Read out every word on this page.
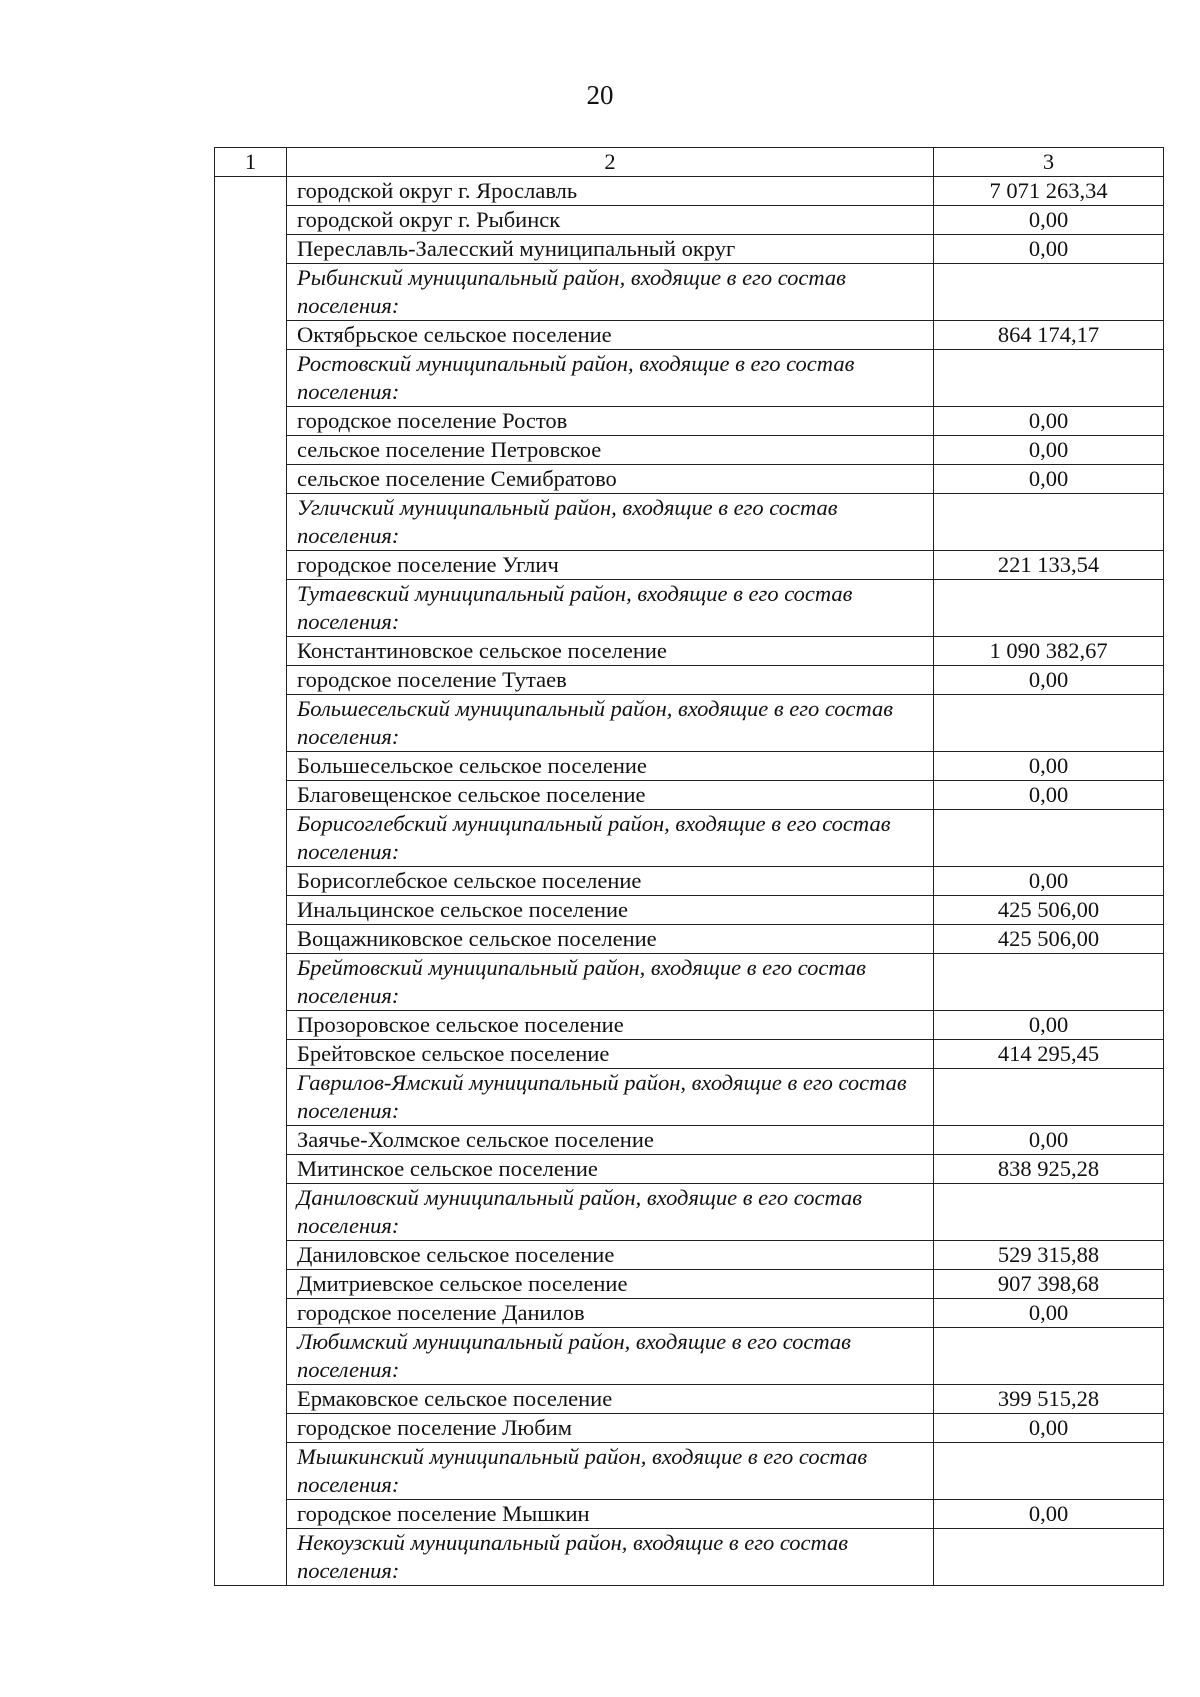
20
1	2	3
	городской округ г. Ярославль	7 071 263,34
	городской округ г. Рыбинск	0,00
	Переславль-Залесский муниципальный округ	0,00
	Рыбинский муниципальный район, входящие в его состав поселения:	
	Октябрьское сельское поселение	864 174,17
	Ростовский муниципальный район, входящие в его состав поселения:	
	городское поселение Ростов	0,00
	сельское поселение Петровское	0,00
	сельское поселение Семибратово	0,00
	Угличский муниципальный район, входящие в его состав поселения:	
	городское поселение Углич	221 133,54
	Тутаевский муниципальный район, входящие в его состав поселения:	
	Константиновское сельское поселение	1 090 382,67
	городское поселение Тутаев	0,00
	Большесельский муниципальный район, входящие в его состав поселения:	
	Большесельское сельское поселение	0,00
	Благовещенское сельское поселение	0,00
	Борисоглебский муниципальный район, входящие в его состав поселения:	
	Борисоглебское сельское поселение	0,00
	Инальцинское сельское поселение	425 506,00
	Вощажниковское сельское поселение	425 506,00
	Брейтовский муниципальный район, входящие в его состав поселения:	
	Прозоровское сельское поселение	0,00
	Брейтовское сельское поселение	414 295,45
	Гаврилов-Ямский муниципальный район, входящие в его состав поселения:	
	Заячье-Холмское сельское поселение	0,00
	Митинское сельское поселение	838 925,28
	Даниловский муниципальный район, входящие в его состав поселения:	
	Даниловское сельское поселение	529 315,88
	Дмитриевское сельское поселение	907 398,68
	городское поселение Данилов	0,00
	Любимский муниципальный район, входящие в его состав поселения:	
	Ермаковское сельское поселение	399 515,28
	городское поселение Любим	0,00
	Мышкинский муниципальный район, входящие в его состав поселения:	
	городское поселение Мышкин	0,00
	Некоузский муниципальный район, входящие в его состав поселения:	
